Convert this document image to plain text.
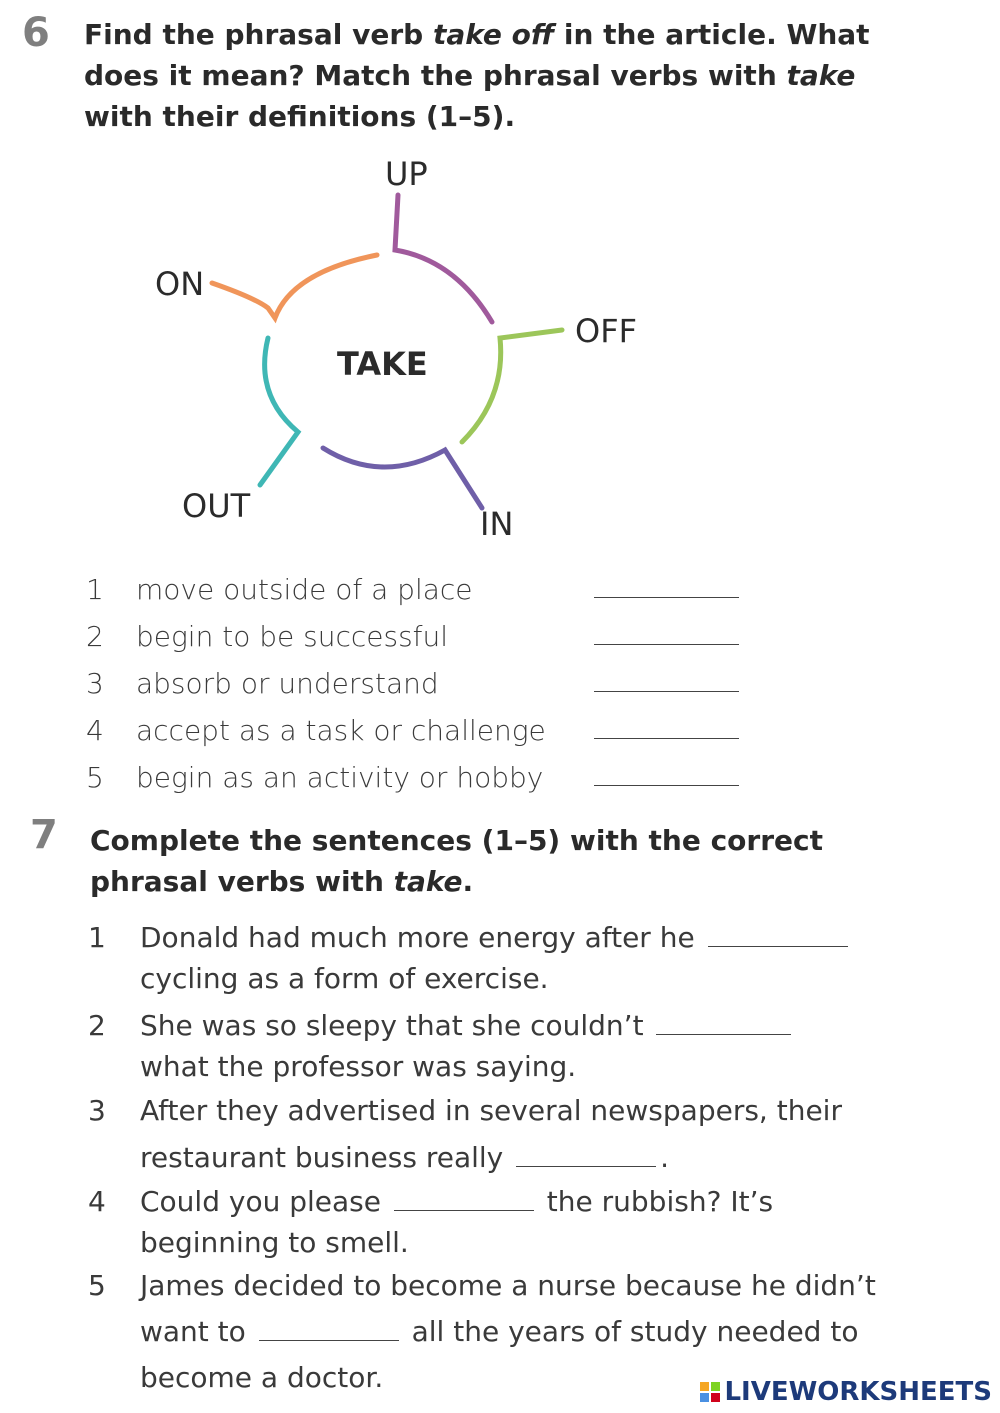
6 Find the phrasal verb take off in the article. What
does it mean? Match the phrasal verbs with take
with their definitions (1–5).

UP
ON
OFF
OUT	IN
TAKE
1	move outside of a place
2	begin to be successful
3	absorb or understand
4	accept as a task or challenge
5	begin as an activity or hobby
7 Complete the sentences (1–5) with the correct
phrasal verbs with take.

1 Donald had much more energy after he
cycling as a form of exercise.
2 She was so sleepy that she couldn’t
what the professor was saying.
3 After they advertised in several newspapers, their restaurant business really	.
4 Could you please	the rubbish? It’s beginning to smell.
5 James decided to become a nurse because he didn’t want to	all the years of study needed to become a doctor.	LIVEWORKSHEETS
